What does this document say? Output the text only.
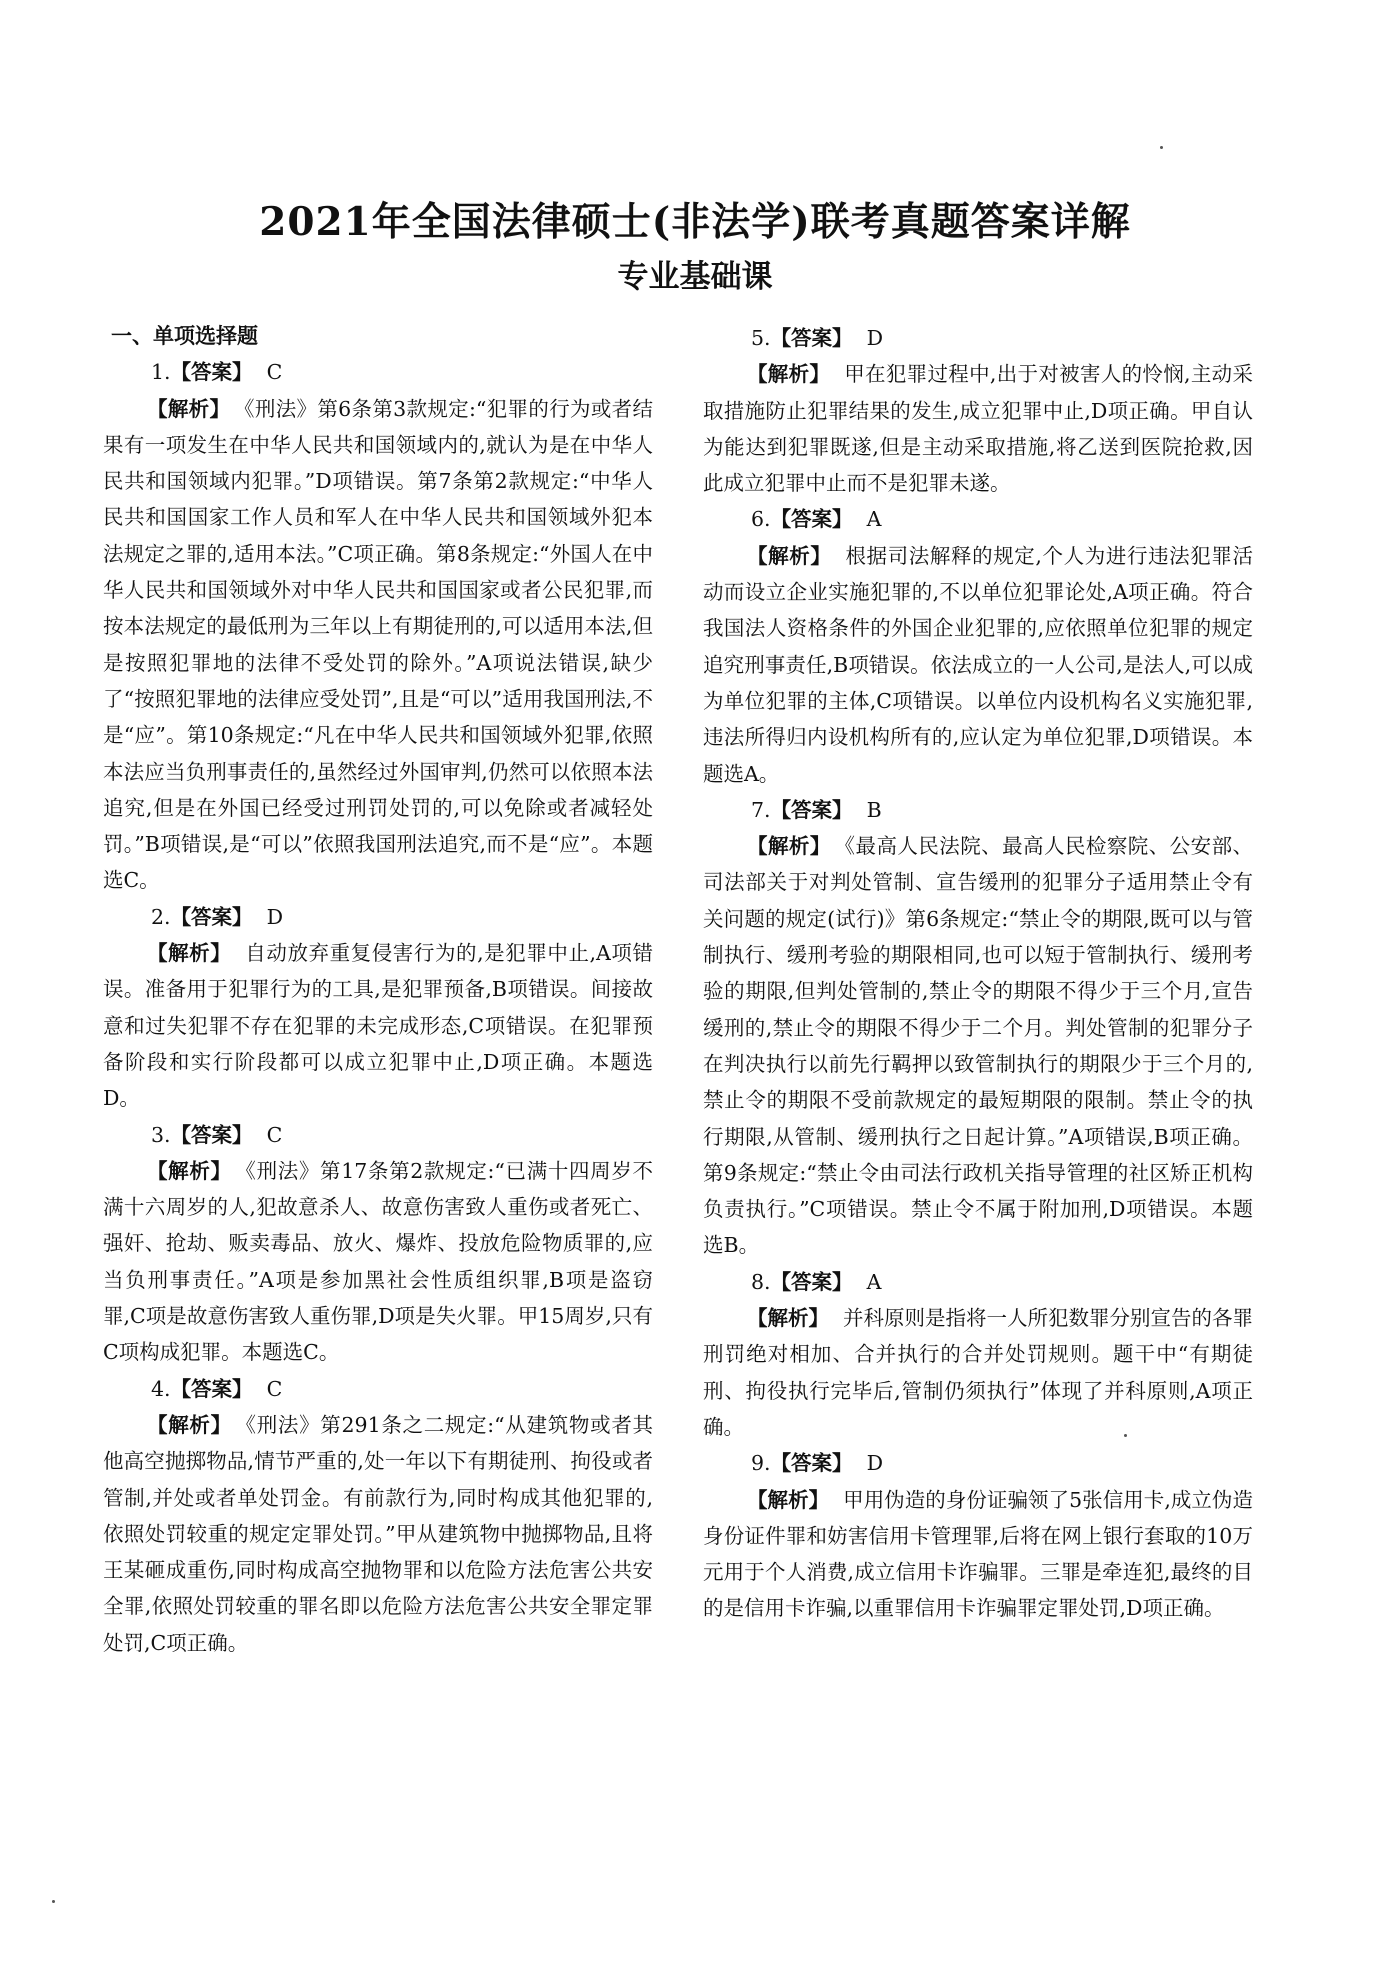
2021年全国法律硕士(非法学)联考真题答案详解
专业基础课

一、单项选择题

1.【答案】 C

【解析】 《刑法》第6条第3款规定:“犯罪的行为或者结果有一项发生在中华人民共和国领域内的,就认为是在中华人民共和国领域内犯罪。”D项错误。第7条第2款规定:“中华人民共和国国家工作人员和军人在中华人民共和国领域外犯本法规定之罪的,适用本法。”C项正确。第8条规定:“外国人在中华人民共和国领域外对中华人民共和国国家或者公民犯罪,而按本法规定的最低刑为三年以上有期徒刑的,可以适用本法,但是按照犯罪地的法律不受处罚的除外。”A项说法错误,缺少了“按照犯罪地的法律应受处罚”,且是“可以”适用我国刑法,不是“应”。第10条规定:“凡在中华人民共和国领域外犯罪,依照本法应当负刑事责任的,虽然经过外国审判,仍然可以依照本法追究,但是在外国已经受过刑罚处罚的,可以免除或者减轻处罚。”B项错误,是“可以”依照我国刑法追究,而不是“应”。本题选C。

2.【答案】 D

【解析】 自动放弃重复侵害行为的,是犯罪中止,A项错误。准备用于犯罪行为的工具,是犯罪预备,B项错误。间接故意和过失犯罪不存在犯罪的未完成形态,C项错误。在犯罪预备阶段和实行阶段都可以成立犯罪中止,D项正确。本题选D。

3.【答案】 C

【解析】 《刑法》第17条第2款规定:“已满十四周岁不满十六周岁的人,犯故意杀人、故意伤害致人重伤或者死亡、强奸、抢劫、贩卖毒品、放火、爆炸、投放危险物质罪的,应当负刑事责任。”A项是参加黑社会性质组织罪,B项是盗窃罪,C项是故意伤害致人重伤罪,D项是失火罪。甲15周岁,只有C项构成犯罪。本题选C。

4.【答案】 C

【解析】 《刑法》第291条之二规定:“从建筑物或者其他高空抛掷物品,情节严重的,处一年以下有期徒刑、拘役或者管制,并处或者单处罚金。有前款行为,同时构成其他犯罪的,依照处罚较重的规定定罪处罚。”甲从建筑物中抛掷物品,且将王某砸成重伤,同时构成高空抛物罪和以危险方法危害公共安全罪,依照处罚较重的罪名即以危险方法危害公共安全罪定罪处罚,C项正确。

5.【答案】 D

【解析】 甲在犯罪过程中,出于对被害人的怜悯,主动采取措施防止犯罪结果的发生,成立犯罪中止,D项正确。甲自认为能达到犯罪既遂,但是主动采取措施,将乙送到医院抢救,因此成立犯罪中止而不是犯罪未遂。

6.【答案】 A

【解析】 根据司法解释的规定,个人为进行违法犯罪活动而设立企业实施犯罪的,不以单位犯罪论处,A项正确。符合我国法人资格条件的外国企业犯罪的,应依照单位犯罪的规定追究刑事责任,B项错误。依法成立的一人公司,是法人,可以成为单位犯罪的主体,C项错误。以单位内设机构名义实施犯罪,违法所得归内设机构所有的,应认定为单位犯罪,D项错误。本题选A。

7.【答案】 B

【解析】 《最高人民法院、最高人民检察院、公安部、司法部关于对判处管制、宣告缓刑的犯罪分子适用禁止令有关问题的规定(试行)》第6条规定:“禁止令的期限,既可以与管制执行、缓刑考验的期限相同,也可以短于管制执行、缓刑考验的期限,但判处管制的,禁止令的期限不得少于三个月,宣告缓刑的,禁止令的期限不得少于二个月。判处管制的犯罪分子在判决执行以前先行羁押以致管制执行的期限少于三个月的,禁止令的期限不受前款规定的最短期限的限制。禁止令的执行期限,从管制、缓刑执行之日起计算。”A项错误,B项正确。第9条规定:“禁止令由司法行政机关指导管理的社区矫正机构负责执行。”C项错误。禁止令不属于附加刑,D项错误。本题选B。

8.【答案】 A

【解析】 并科原则是指将一人所犯数罪分别宣告的各罪刑罚绝对相加、合并执行的合并处罚规则。题干中“有期徒刑、拘役执行完毕后,管制仍须执行”体现了并科原则,A项正确。

9.【答案】 D

【解析】 甲用伪造的身份证骗领了5张信用卡,成立伪造身份证件罪和妨害信用卡管理罪,后将在网上银行套取的10万元用于个人消费,成立信用卡诈骗罪。三罪是牵连犯,最终的目的是信用卡诈骗,以重罪信用卡诈骗罪定罪处罚,D项正确。
